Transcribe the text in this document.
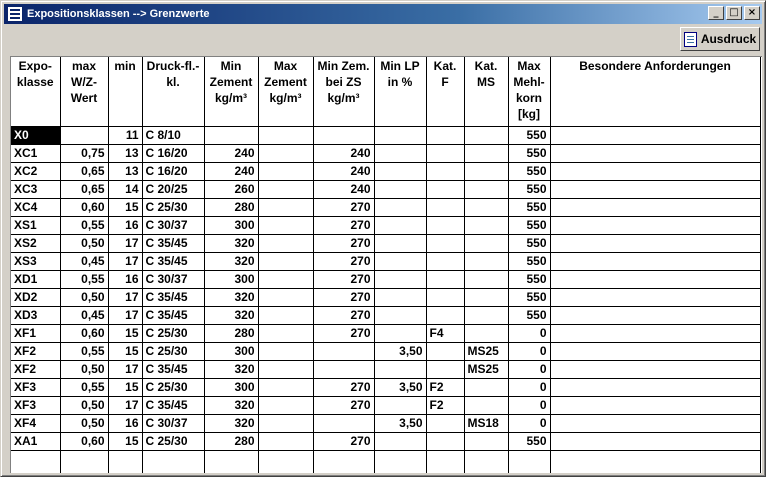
Expositionsklassen --> Grenzwerte	_	□ ×
Ausdruck
Expo-klasse	max W/Z-Wert	min	Druck-fl.-kl.	Min Zement kg/m³	Max Zement kg/m³	Min Zem. bei ZS kg/m³	Min LP in %	Kat. F	Kat. MS	Max Mehl-korn [kg]	Besondere Anforderungen
X0		11	C 8/10							550	
XC1	0,75	13	C 16/20	240		240				550	
XC2	0,65	13	C 16/20	240		240				550	
XC3	0,65	14	C 20/25	260		240				550	
XC4	0,60	15	C 25/30	280		270				550	
XS1	0,55	16	C 30/37	300		270				550	
XS2	0,50	17	C 35/45	320		270				550	
XS3	0,45	17	C 35/45	320		270				550	
XD1	0,55	16	C 30/37	300		270				550	
XD2	0,50	17	C 35/45	320		270				550	
XD3	0,45	17	C 35/45	320		270				550	
XF1	0,60	15	C 25/30	280		270		F4		0	
XF2	0,55	15	C 25/30	300			3,50		MS25	0	
XF2	0,50	17	C 35/45	320					MS25	0	
XF3	0,55	15	C 25/30	300		270	3,50	F2		0	
XF3	0,50	17	C 35/45	320		270		F2		0	
XF4	0,50	16	C 30/37	320			3,50		MS18	0	
XA1	0,60	15	C 25/30	280		270				550	
